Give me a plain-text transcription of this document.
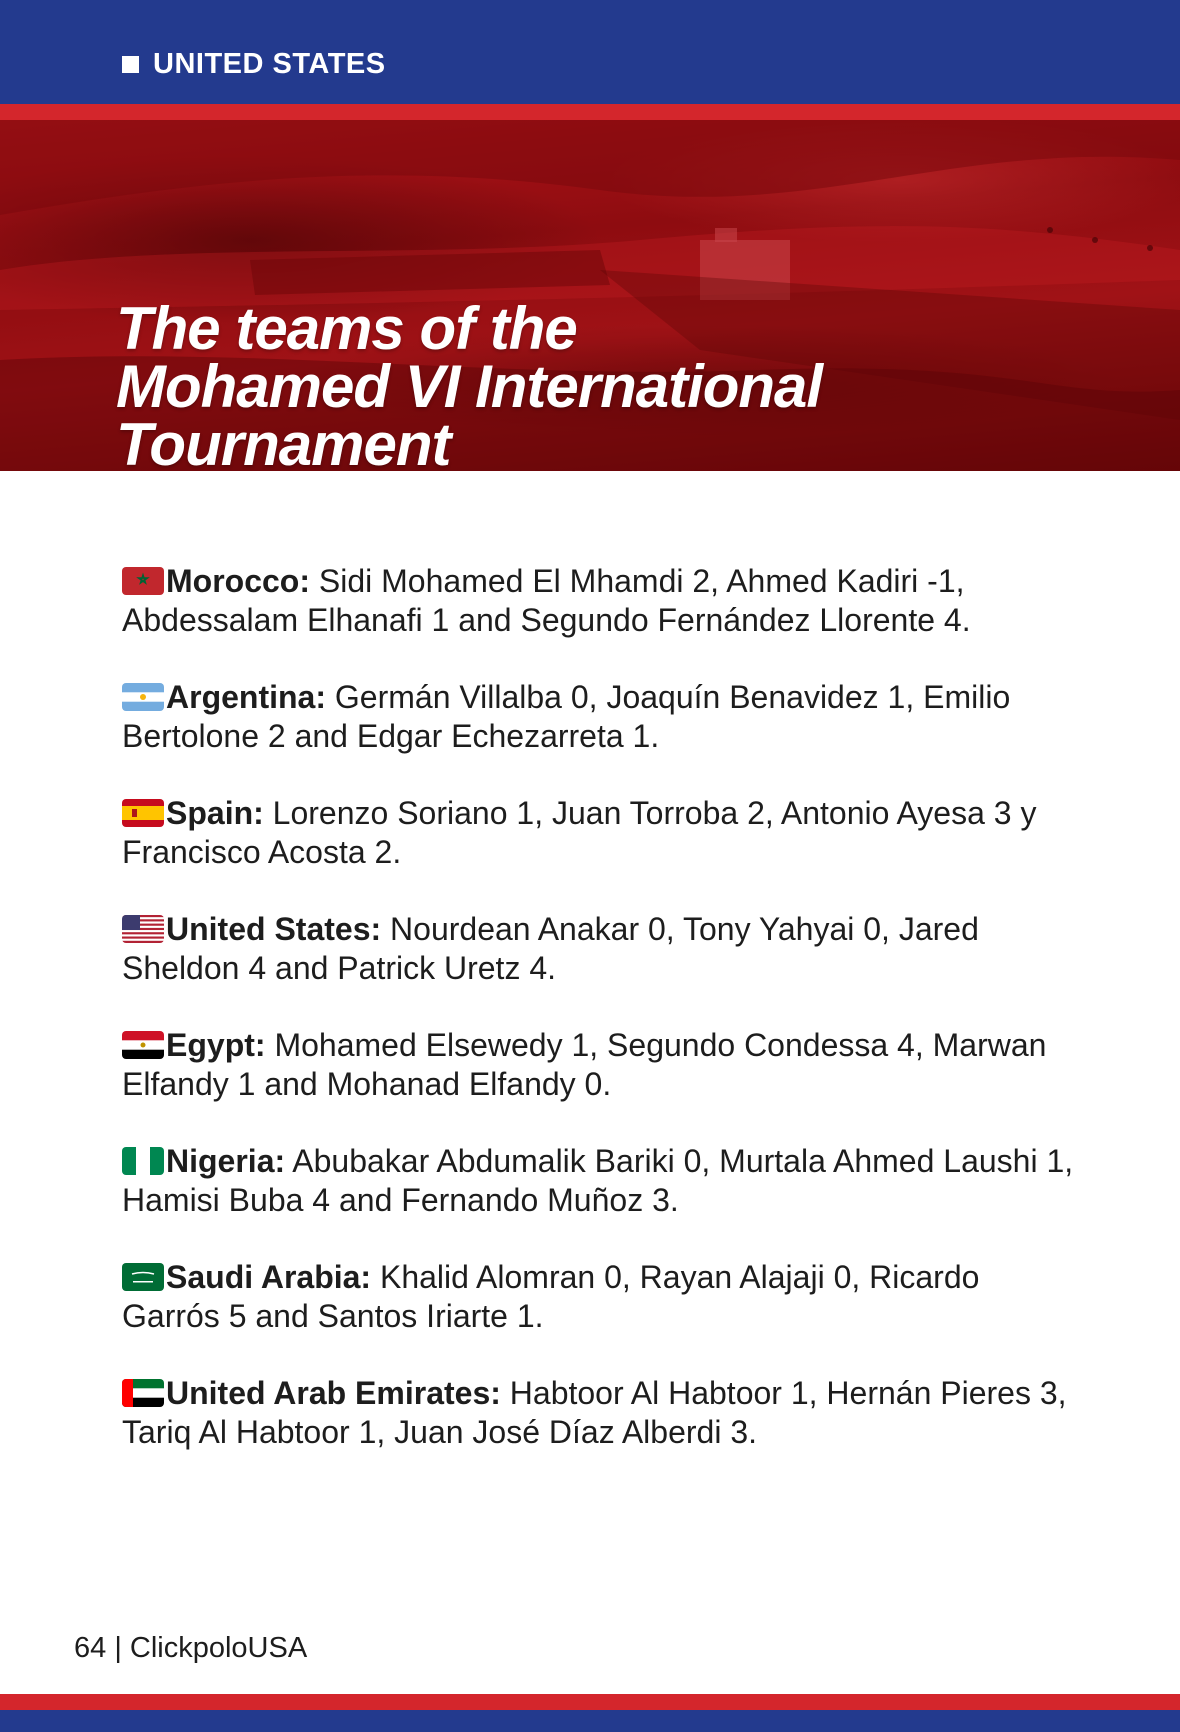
UNITED STATES
The teams of the
Mohamed VI International
Tournament
Morocco: Sidi Mohamed El Mhamdi 2, Ahmed Kadiri -1, Abdessalam Elhanafi 1 and Segundo Fernández Llorente 4.
Argentina: Germán Villalba 0, Joaquín Benavidez 1, Emilio Bertolone 2 and Edgar Echezarreta 1.
Spain: Lorenzo Soriano 1, Juan Torroba 2, Antonio Ayesa 3 y Francisco Acosta 2.
United States: Nourdean Anakar 0, Tony Yahyai 0, Jared Sheldon 4 and Patrick Uretz 4.
Egypt: Mohamed Elsewedy 1, Segundo Condessa 4, Marwan Elfandy 1 and Mohanad Elfandy 0.
Nigeria: Abubakar Abdumalik Bariki 0, Murtala Ahmed Laushi 1, Hamisi Buba 4 and Fernando Muñoz 3.
Saudi Arabia: Khalid Alomran 0, Rayan Alajaji 0, Ricardo Garrós 5 and Santos Iriarte 1.
United Arab Emirates: Habtoor Al Habtoor 1, Hernán Pieres 3, Tariq Al Habtoor 1, Juan José Díaz Alberdi 3.
64 | ClickpoloUSA
